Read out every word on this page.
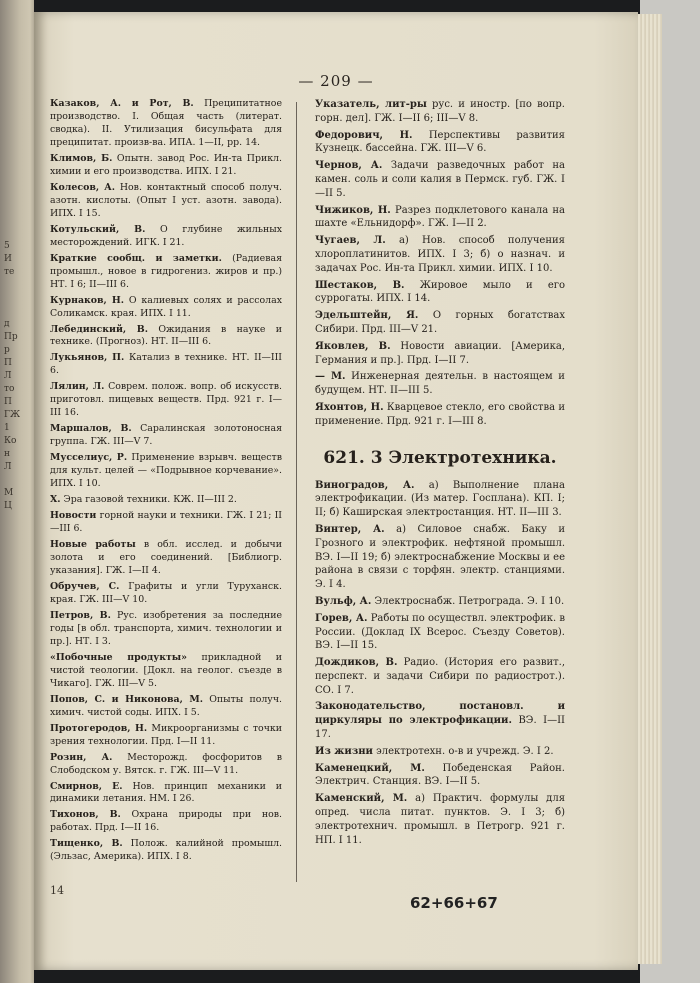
5
И
те

д
Пр
р
П
Л
то
П
ГЖ
1
Ко
н
Л

М
Ц
— 209 —
Казаков, А. и Рот, В. Преципитатное производство. I. Общая часть (литерат. сводка). II. Утилизация бисульфата для преципитат. произв-ва. ИПА. 1—II, рр. 14.
Климов, Б. Опытн. завод Рос. Ин-та Прикл. химии и его производства. ИПХ. I 21.
Колесов, А. Нов. контактный способ получ. азотн. кислоты. (Опыт I уст. азотн. завода). ИПХ. I 15.
Котульский, В. О глубине жильных месторождений. ИГК. I 21.
Краткие сообщ. и заметки. (Радиевая промышл., новое в гидрогениз. жиров и пр.) НТ. I 6; II—III 6.
Курнаков, Н. О калиевых солях и рассолах Соликамск. края. ИПХ. I 11.
Лебединский, В. Ожидания в науке и технике. (Прогноз). НТ. II—III 6.
Лукьянов, П. Катализ в технике. НТ. II—III 6.
Лялин, Л. Соврем. полож. вопр. об искусств. приготовл. пищевых веществ. Прд. 921 г. I—III 16.
Маршалов, В. Саралинская золотоносная группа. ГЖ. III—V 7.
Мусселиус, Р. Применение взрывч. веществ для культ. целей — «Подрывное корчевание». ИПХ. I 10.
X. Эра газовой техники. КЖ. II—III 2.
Новости горной науки и техники. ГЖ. I 21; II—III 6.
Новые работы в обл. исслед. и добычи золота и его соединений. [Библиогр. указания]. ГЖ. I—II 4.
Обручев, С. Графиты и угли Туруханск. края. ГЖ. III—V 10.
Петров, В. Рус. изобретения за последние годы [в обл. транспорта, химич. технологии и пр.]. НТ. I 3.
«Побочные продукты» прикладной и чистой теологии. [Докл. на геолог. съезде в Чикаго]. ГЖ. III—V 5.
Попов, С. и Никонова, М. Опыты получ. химич. чистой соды. ИПХ. I 5.
Протогеродов, Н. Микроорганизмы с точки зрения технологии. Прд. I—II 11.
Розин, А. Месторожд. фосфоритов в Слободском у. Вятск. г. ГЖ. III—V 11.
Смирнов, Е. Нов. принцип механики и динамики летания. НМ. I 26.
Тихонов, В. Охрана природы при нов. работах. Прд. I—II 16.
Тищенко, В. Полож. калийной промышл. (Эльзас, Америка). ИПХ. I 8.
Указатель, лит-ры рус. и иностр. [по вопр. горн. дел]. ГЖ. I—II 6; III—V 8.
Федорович, Н. Перспективы развития Кузнецк. бассейна. ГЖ. III—V 6.
Чернов, А. Задачи разведочных работ на камен. соль и соли калия в Пермск. губ. ГЖ. I—II 5.
Чижиков, Н. Разрез подклетового канала на шахте «Ельнидорф». ГЖ. I—II 2.
Чугаев, Л. а) Нов. способ получения хлороплатинитов. ИПХ. I 3; б) о назнач. и задачах Рос. Ин-та Прикл. химии. ИПХ. I 10.
Шестаков, В. Жировое мыло и его суррогаты. ИПХ. I 14.
Эдельштейн, Я. О горных богатствах Сибири. Прд. III—V 21.
Яковлев, В. Новости авиации. [Америка, Германия и пр.]. Прд. I—II 7.
— М. Инженерная деятельн. в настоящем и будущем. НТ. II—III 5.
Яхонтов, Н. Кварцевое стекло, его свойства и применение. Прд. 921 г. I—III 8.
621. 3 Электротехника.
Виноградов, А. а) Выполнение плана электрофикации. (Из матер. Госплана). КП. I; II; б) Каширская электростанция. НТ. II—III 3.
Винтер, А. а) Силовое снабж. Баку и Грозного и электрофик. нефтяной промышл. ВЭ. I—II 19; б) электроснабжение Москвы и ее района в связи с торфян. электр. станциями. Э. I 4.
Вульф, А. Электроснабж. Петрограда. Э. I 10.
Горев, А. Работы по осуществл. электрофик. в России. (Доклад IX Всерос. Съезду Советов). ВЭ. I—II 15.
Дождиков, В. Радио. (История его развит., перспект. и задачи Сибири по радиострот.). СО. I 7.
Законодательство, постановл. и циркуляры по электрофикации. ВЭ. I—II 17.
Из жизни электротехн. о-в и учрежд. Э. I 2.
Каменецкий, М. Победенская Район. Электрич. Станция. ВЭ. I—II 5.
Каменский, М. а) Практич. формулы для опред. числа питат. пунктов. Э. I 3; б) электротехнич. промышл. в Петрогр. 921 г. НП. I 11.
14
62+66+67
